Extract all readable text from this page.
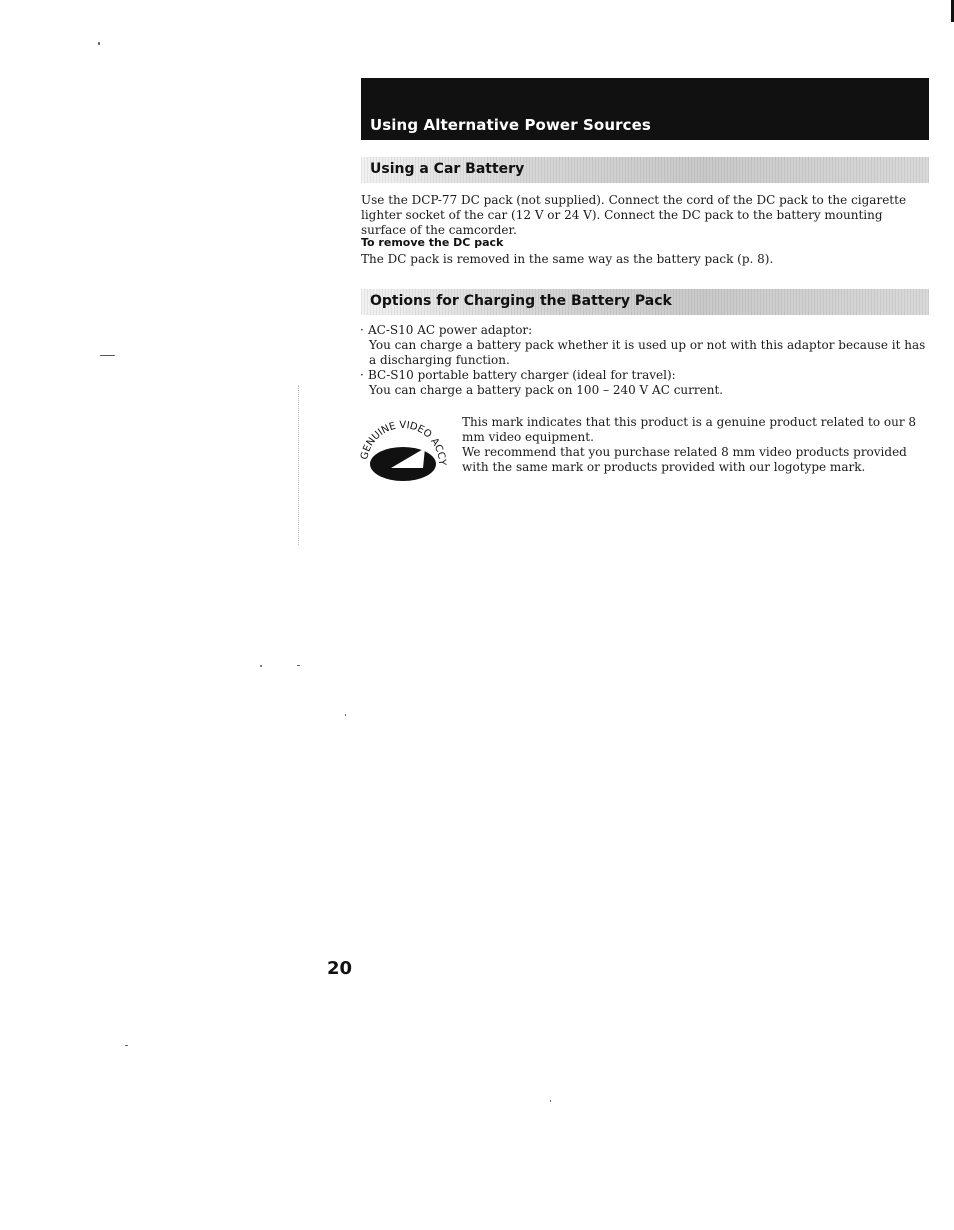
Using Alternative Power Sources
Using a Car Battery

Use the DCP-77 DC pack (not supplied). Connect the cord of the DC pack to the cigarette lighter socket of the car (12 V or 24 V). Connect the DC pack to the battery mounting surface of the camcorder.

To remove the DC pack

The DC pack is removed in the same way as the battery pack (p. 8).

Options for Charging the Battery Pack
· AC-S10 AC power adaptor:
You can charge a battery pack whether it is used up or not with this adaptor because it has a discharging function.
· BC-S10 portable battery charger (ideal for travel):
You can charge a battery pack on 100 – 240 V AC current.
GENUINE VIDEO ACCY
This mark indicates that this product is a genuine product related to our 8 mm video equipment.
We recommend that you purchase related 8 mm video products provided with the same mark or products provided with our logotype mark.
20
